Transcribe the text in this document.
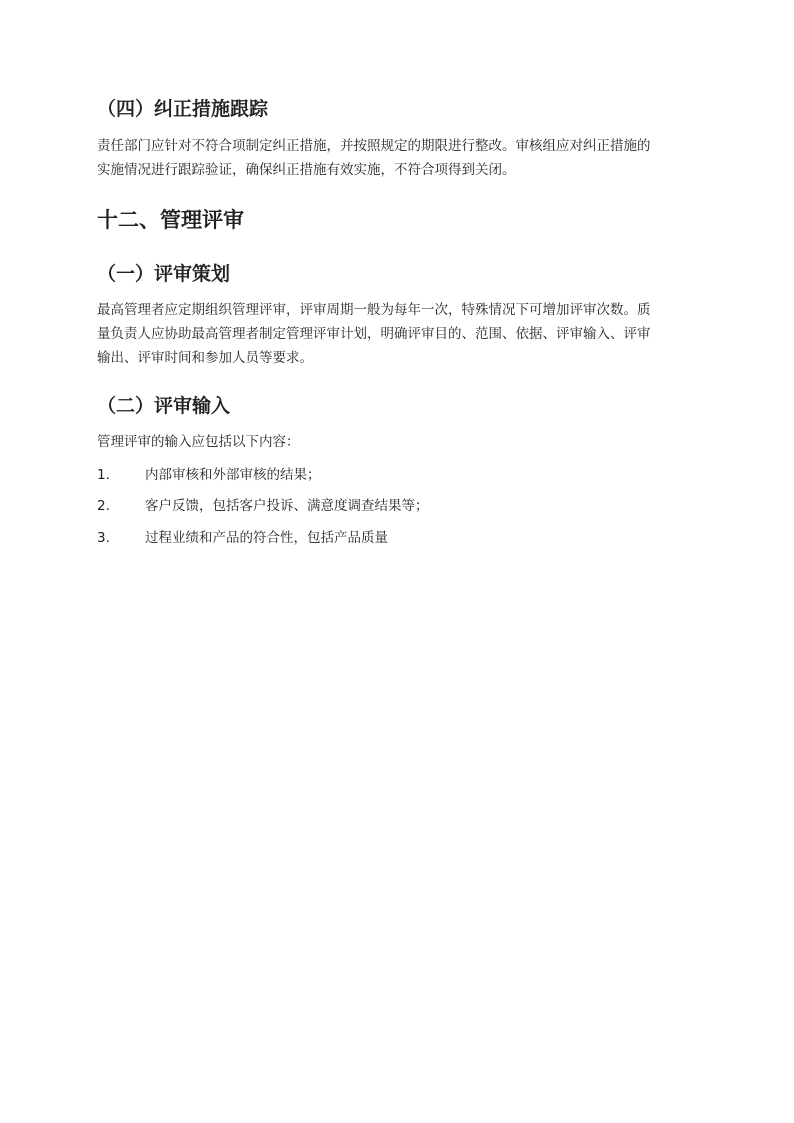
（四）纠正措施跟踪
责任部门应针对不符合项制定纠正措施，并按照规定的期限进行整改。审核组应对纠正措施的
实施情况进行跟踪验证，确保纠正措施有效实施，不符合项得到关闭。
十二、管理评审
（一）评审策划
最高管理者应定期组织管理评审，评审周期一般为每年一次，特殊情况下可增加评审次数。质
量负责人应协助最高管理者制定管理评审计划，明确评审目的、范围、依据、评审输入、评审
输出、评审时间和参加人员等要求。
（二）评审输入
管理评审的输入应包括以下内容：
1.	内部审核和外部审核的结果；
2.	客户反馈，包括客户投诉、满意度调查结果等；
3.	过程业绩和产品的符合性，包括产品质量
